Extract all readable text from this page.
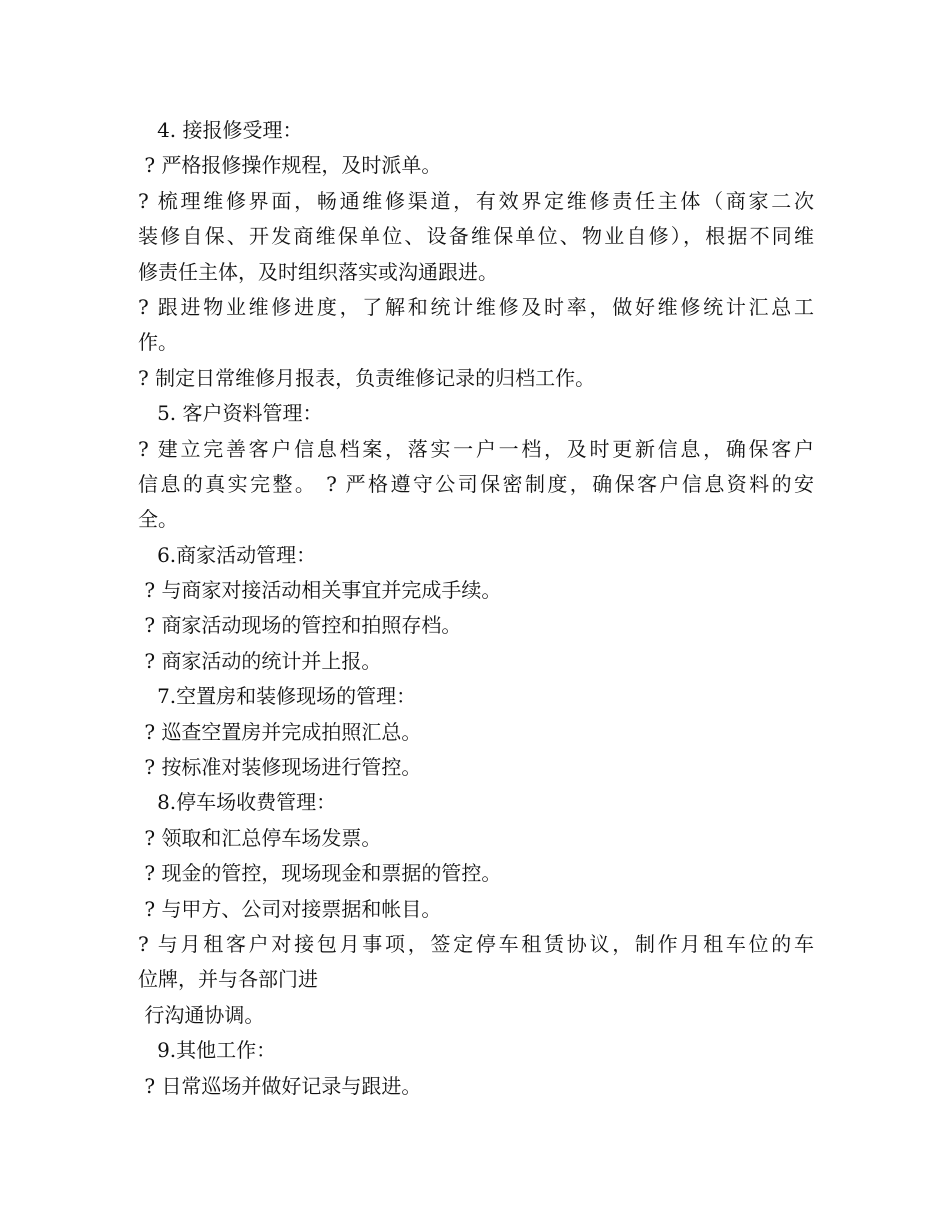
4. 接报修受理：
? 严格报修操作规程，及时派单。
? 梳理维修界面，畅通维修渠道，有效界定维修责任主体（商家二次
装修自保、开发商维保单位、设备维保单位、物业自修），根据不同维
修责任主体，及时组织落实或沟通跟进。
? 跟进物业维修进度，了解和统计维修及时率，做好维修统计汇总工
作。
? 制定日常维修月报表，负责维修记录的归档工作。
5. 客户资料管理：
? 建立完善客户信息档案，落实一户一档，及时更新信息，确保客户
信息的真实完整。 ? 严格遵守公司保密制度，确保客户信息资料的安
全。
6.商家活动管理：
? 与商家对接活动相关事宜并完成手续。
? 商家活动现场的管控和拍照存档。
? 商家活动的统计并上报。
7.空置房和装修现场的管理：
? 巡查空置房并完成拍照汇总。
? 按标准对装修现场进行管控。
8.停车场收费管理：
? 领取和汇总停车场发票。
? 现金的管控，现场现金和票据的管控。
? 与甲方、公司对接票据和帐目。
? 与月租客户对接包月事项，签定停车租赁协议，制作月租车位的车
位牌，并与各部门进
行沟通协调。
9.其他工作：
? 日常巡场并做好记录与跟进。
